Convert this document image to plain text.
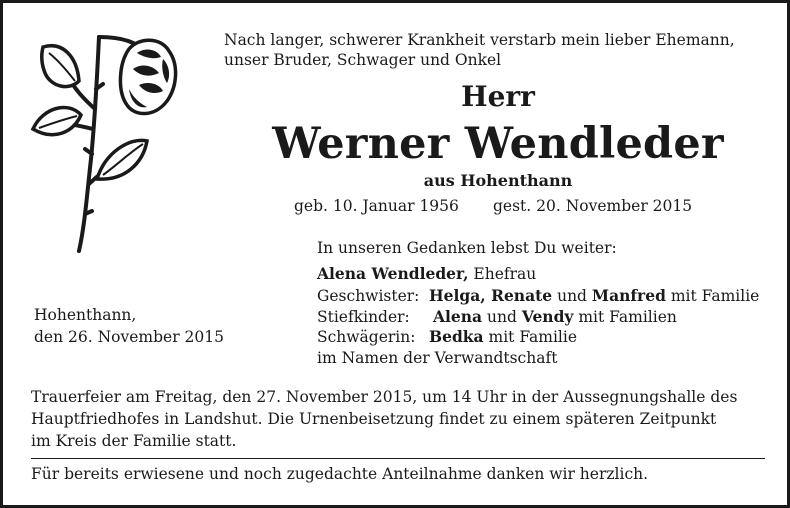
Nach langer, schwerer Krankheit verstarb mein lieber Ehemann,
unser Bruder, Schwager und Onkel
Herr
Werner Wendleder
aus Hohenthann
geb. 10. Januar 1956 gest. 20. November 2015
In unseren Gedanken lebst Du weiter:
Alena Wendleder, Ehefrau
Geschwister: Helga, Renate und Manfred mit Familie
Stiefkinder: Alena und Vendy mit Familien
Schwägerin: Bedka mit Familie
im Namen der Verwandtschaft
Hohenthann,
den 26. November 2015
Trauerfeier am Freitag, den 27. November 2015, um 14 Uhr in der Aussegnungshalle des
Hauptfriedhofes in Landshut. Die Urnenbeisetzung findet zu einem späteren Zeitpunkt
im Kreis der Familie statt.
Für bereits erwiesene und noch zugedachte Anteilnahme danken wir herzlich.
